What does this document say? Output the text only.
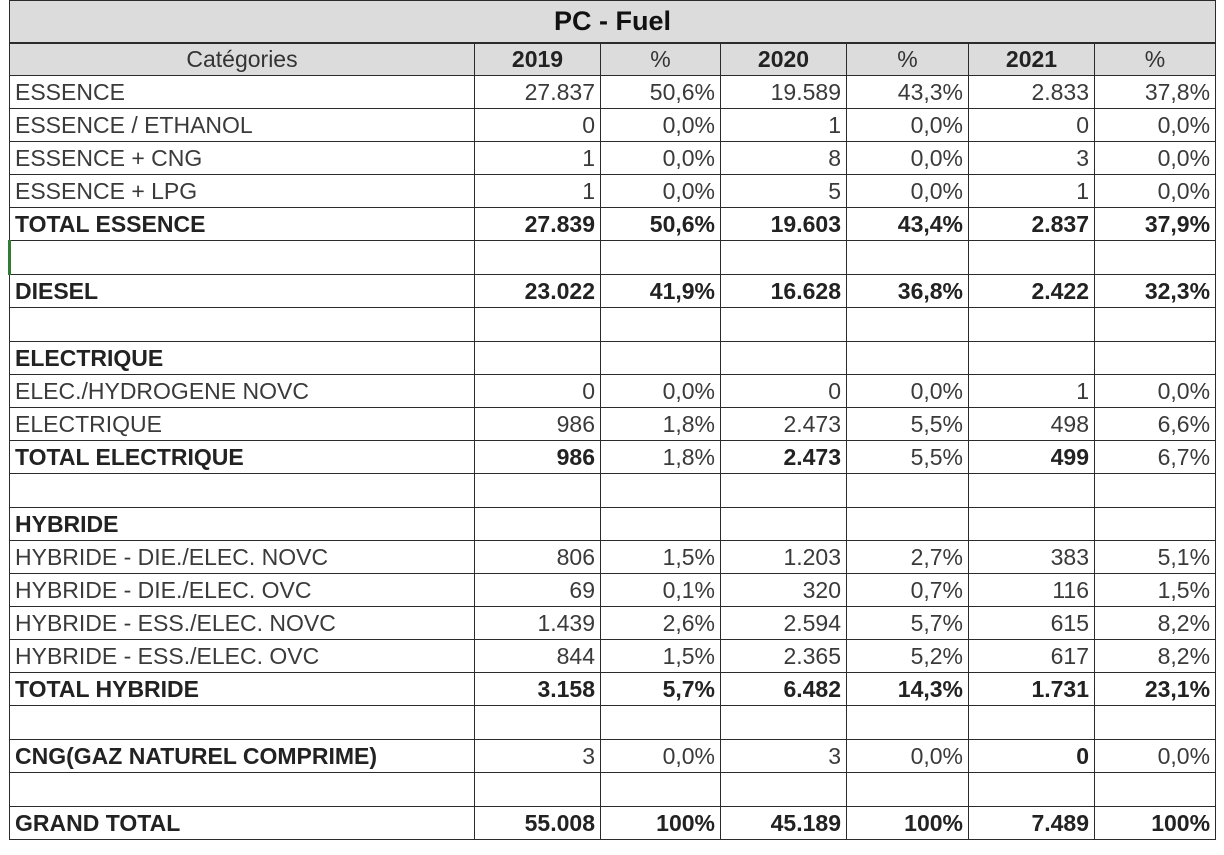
PC - Fuel						
Catégories	2019	%	2020	%	2021	%
ESSENCE	27.837	50,6%	19.589	43,3%	2.833	37,8%
ESSENCE / ETHANOL	0	0,0%	1	0,0%	0	0,0%
ESSENCE + CNG	1	0,0%	8	0,0%	3	0,0%
ESSENCE + LPG	1	0,0%	5	0,0%	1	0,0%
TOTAL ESSENCE	27.839	50,6%	19.603	43,4%	2.837	37,9%

DIESEL	23.022	41,9%	16.628	36,8%	2.422	32,3%

ELECTRIQUE						
ELEC./HYDROGENE NOVC	0	0,0%	0	0,0%	1	0,0%
ELECTRIQUE	986	1,8%	2.473	5,5%	498	6,6%
TOTAL ELECTRIQUE	986	1,8%	2.473	5,5%	499	6,7%

HYBRIDE						
HYBRIDE - DIE./ELEC. NOVC	806	1,5%	1.203	2,7%	383	5,1%
HYBRIDE - DIE./ELEC. OVC	69	0,1%	320	0,7%	116	1,5%
HYBRIDE - ESS./ELEC. NOVC	1.439	2,6%	2.594	5,7%	615	8,2%
HYBRIDE - ESS./ELEC. OVC	844	1,5%	2.365	5,2%	617	8,2%
TOTAL HYBRIDE	3.158	5,7%	6.482	14,3%	1.731	23,1%

CNG(GAZ NATUREL COMPRIME)	3	0,0%	3	0,0%	0	0,0%

GRAND TOTAL	55.008	100%	45.189	100%	7.489	100%
